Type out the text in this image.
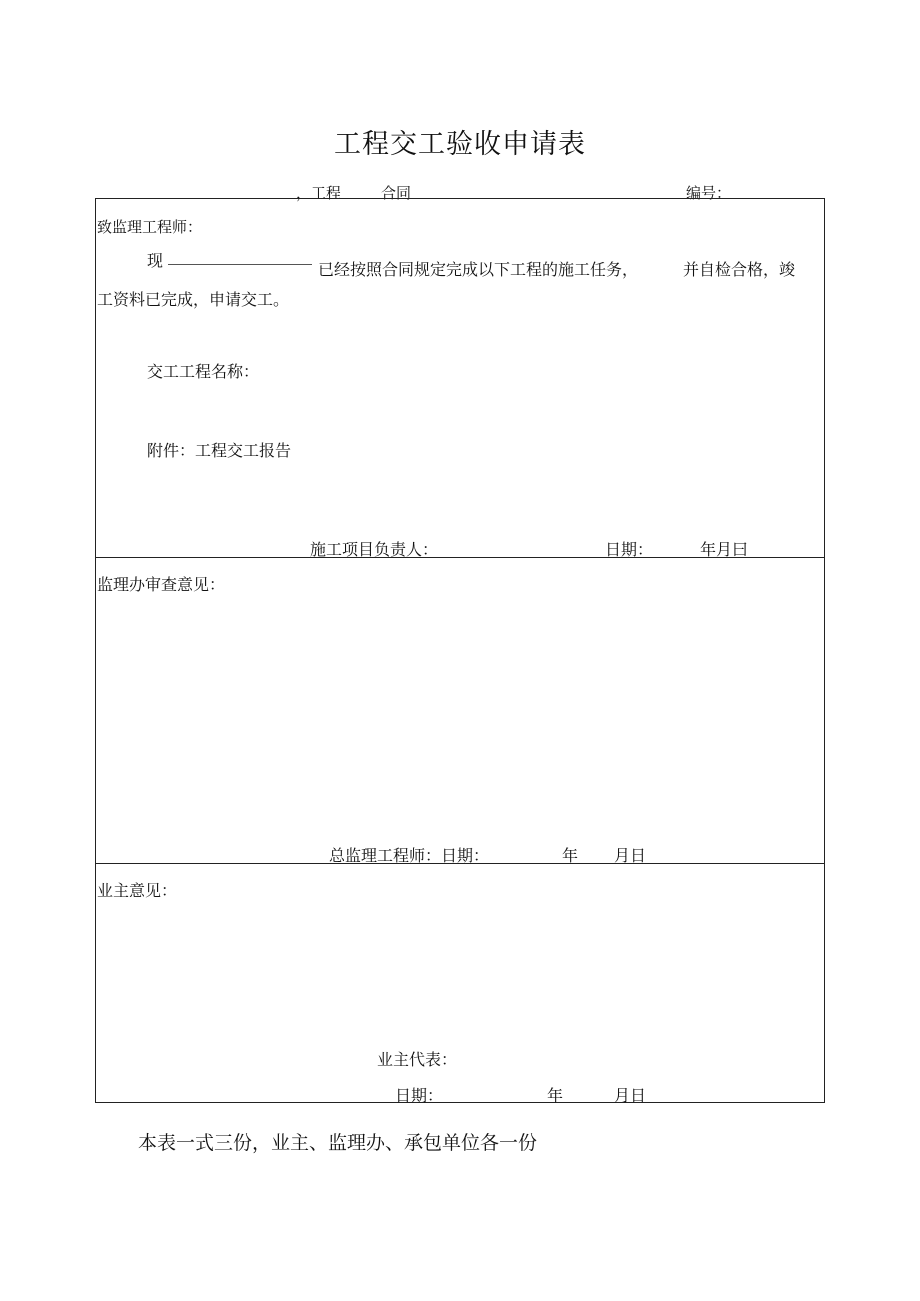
工程交工验收申请表
，工程	合同	编号：
致监理工程师：
现	已经按照合同规定完成以下工程的施工任务，	并自检合格，竣
工资料已完成，申请交工。
交工工程名称：
附件：工程交工报告
施工项目负责人：	日期：	年月曰
监理办审查意见：
总监理工程师：日期：	年 月日
业主意见：
业主代表：
日期：	年	月日
本表一式三份，业主、监理办、承包单位各一份
